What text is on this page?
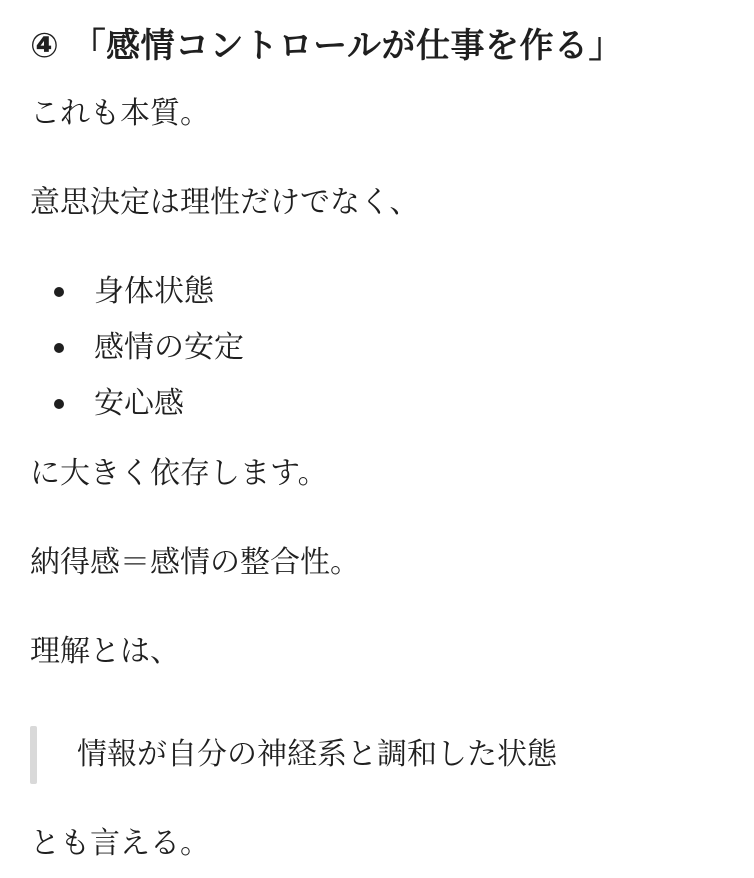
④ 「感情コントロールが仕事を作る」

これも本質。

意思決定は理性だけでなく、

身体状態
感情の安定
安心感

に大きく依存します。

納得感＝感情の整合性。

理解とは、

情報が自分の神経系と調和した状態

とも言える。
